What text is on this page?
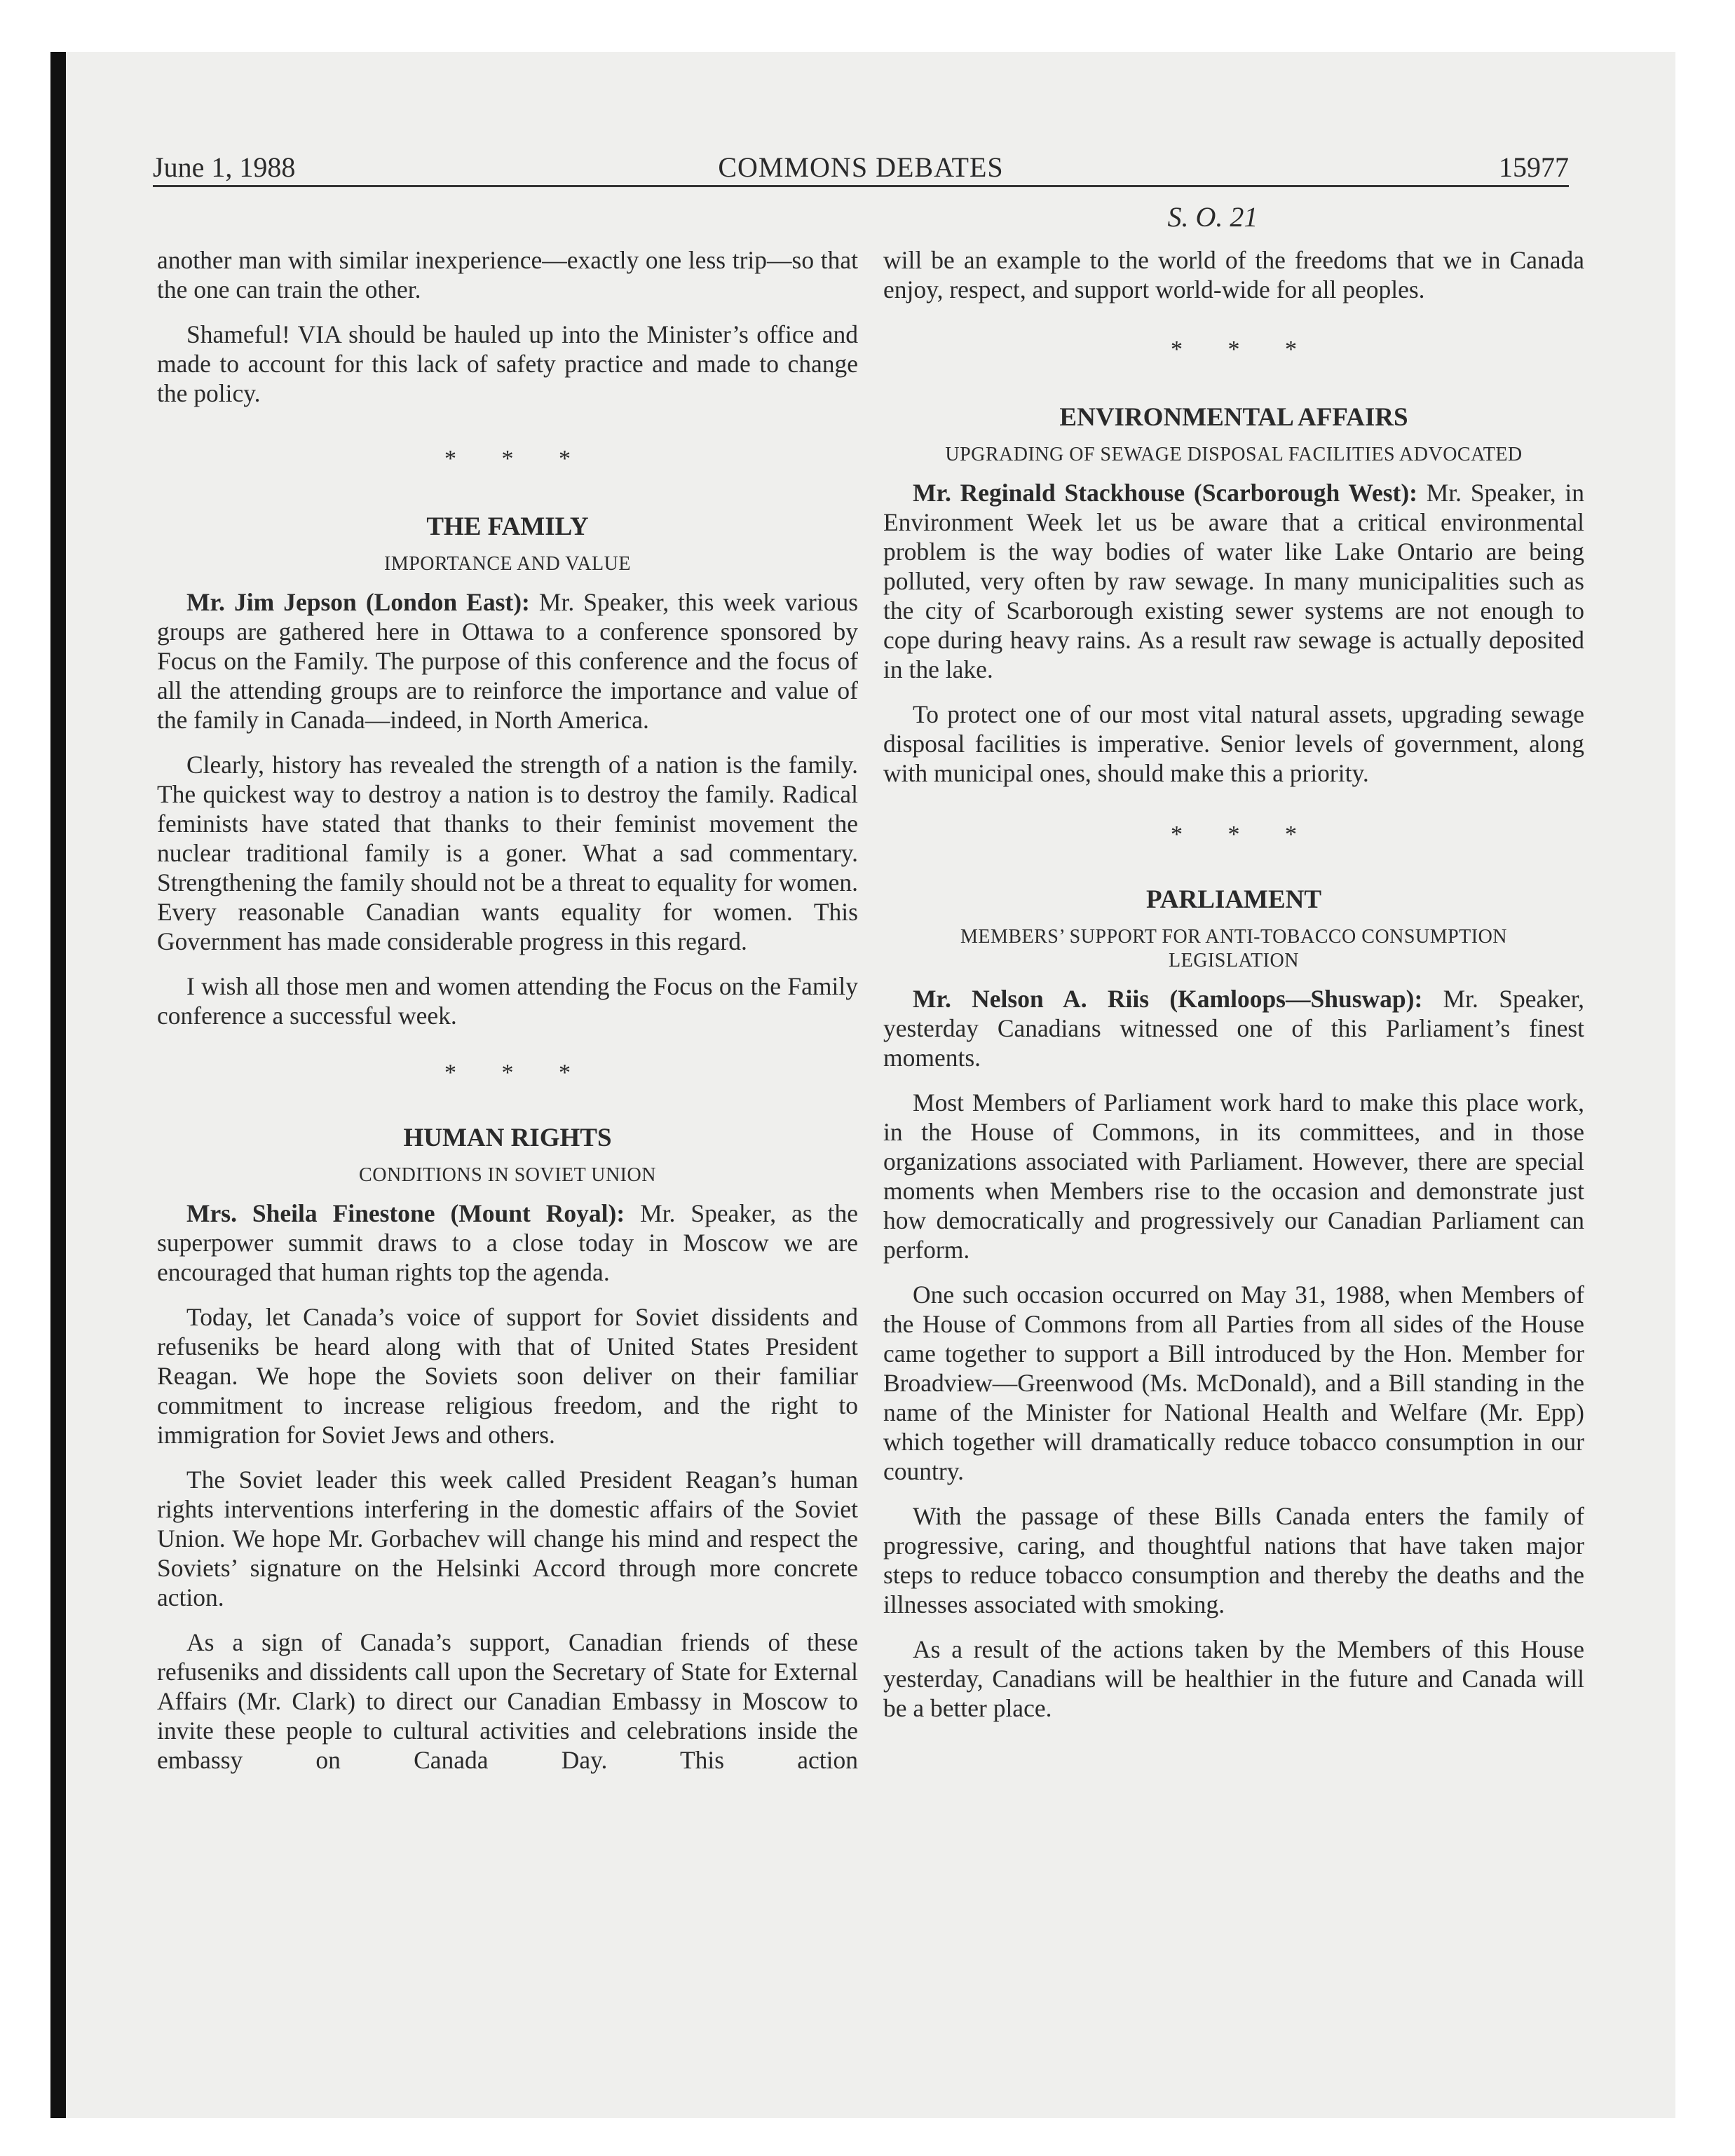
June 1, 1988	COMMONS DEBATES	15977
S. O. 21

another man with similar inexperience—exactly one less trip—so that the one can train the other.

Shameful! VIA should be hauled up into the Minister’s office and made to account for this lack of safety practice and made to change the policy.

* * *
THE FAMILY
IMPORTANCE AND VALUE

Mr. Jim Jepson (London East): Mr. Speaker, this week various groups are gathered here in Ottawa to a conference sponsored by Focus on the Family. The purpose of this conference and the focus of all the attending groups are to reinforce the importance and value of the family in Canada—indeed, in North America.

Clearly, history has revealed the strength of a nation is the family. The quickest way to destroy a nation is to destroy the family. Radical feminists have stated that thanks to their feminist movement the nuclear traditional family is a goner. What a sad commentary. Strengthening the family should not be a threat to equality for women. Every reasonable Canadian wants equality for women. This Government has made considerable progress in this regard.

I wish all those men and women attending the Focus on the Family conference a successful week.

* * *
HUMAN RIGHTS
CONDITIONS IN SOVIET UNION

Mrs. Sheila Finestone (Mount Royal): Mr. Speaker, as the superpower summit draws to a close today in Moscow we are encouraged that human rights top the agenda.

Today, let Canada’s voice of support for Soviet dissidents and refuseniks be heard along with that of United States President Reagan. We hope the Soviets soon deliver on their familiar commitment to increase religious freedom, and the right to immigration for Soviet Jews and others.

The Soviet leader this week called President Reagan’s human rights interventions interfering in the domestic affairs of the Soviet Union. We hope Mr. Gorbachev will change his mind and respect the Soviets’ signature on the Helsinki Accord through more concrete action.

As a sign of Canada’s support, Canadian friends of these refuseniks and dissidents call upon the Secretary of State for External Affairs (Mr. Clark) to direct our Canadian Embassy in Moscow to invite these people to cultural activities and celebrations inside the embassy on Canada Day. This action

will be an example to the world of the freedoms that we in Canada enjoy, respect, and support world-wide for all peoples.

* * *
ENVIRONMENTAL AFFAIRS
UPGRADING OF SEWAGE DISPOSAL FACILITIES ADVOCATED

Mr. Reginald Stackhouse (Scarborough West): Mr. Speaker, in Environment Week let us be aware that a critical environmental problem is the way bodies of water like Lake Ontario are being polluted, very often by raw sewage. In many municipalities such as the city of Scarborough existing sewer systems are not enough to cope during heavy rains. As a result raw sewage is actually deposited in the lake.

To protect one of our most vital natural assets, upgrading sewage disposal facilities is imperative. Senior levels of government, along with municipal ones, should make this a priority.

* * *
PARLIAMENT
MEMBERS’ SUPPORT FOR ANTI-TOBACCO CONSUMPTION
LEGISLATION

Mr. Nelson A. Riis (Kamloops—Shuswap): Mr. Speaker, yesterday Canadians witnessed one of this Parliament’s finest moments.

Most Members of Parliament work hard to make this place work, in the House of Commons, in its committees, and in those organizations associated with Parliament. However, there are special moments when Members rise to the occasion and demonstrate just how democratically and progressively our Canadian Parliament can perform.

One such occasion occurred on May 31, 1988, when Members of the House of Commons from all Parties from all sides of the House came together to support a Bill introduced by the Hon. Member for Broadview—Greenwood (Ms. McDonald), and a Bill standing in the name of the Minister for National Health and Welfare (Mr. Epp) which together will dramatically reduce tobacco consumption in our country.

With the passage of these Bills Canada enters the family of progressive, caring, and thoughtful nations that have taken major steps to reduce tobacco consumption and thereby the deaths and the illnesses associated with smoking.

As a result of the actions taken by the Members of this House yesterday, Canadians will be healthier in the future and Canada will be a better place.
